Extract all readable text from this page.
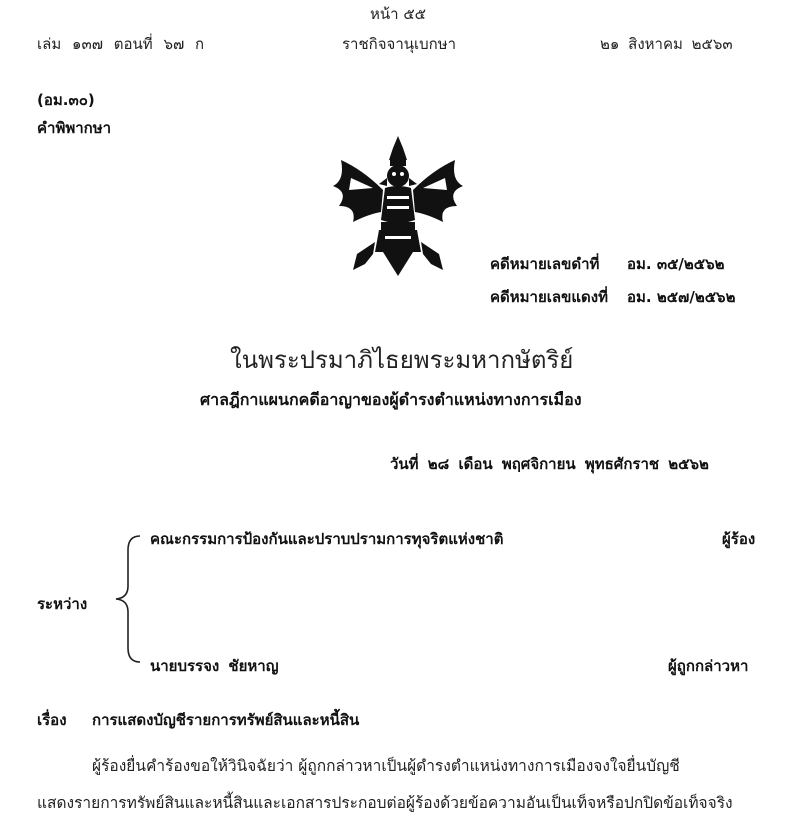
หน้า ๕๕
เล่ม ๑๓๗ ตอนที่ ๖๗ ก	ราชกิจจานุเบกษา	๒๑ สิงหาคม ๒๕๖๓
(อม.๓๐)
คำพิพากษา
คดีหมายเลขดำที่ อม. ๓๕/๒๕๖๒
คดีหมายเลขแดงที่ อม. ๒๕๗/๒๕๖๒
ในพระปรมาภิไธยพระมหากษัตริย์
ศาลฎีกาแผนกคดีอาญาของผู้ดำรงตำแหน่งทางการเมือง
วันที่ ๒๘ เดือน พฤศจิกายน พุทธศักราช ๒๕๖๒
คณะกรรมการป้องกันและปราบปรามการทุจริตแห่งชาติ	ผู้ร้อง
ระหว่าง
นายบรรจง ชัยหาญ	ผู้ถูกกล่าวหา
เรื่อง การแสดงบัญชีรายการทรัพย์สินและหนี้สิน
ผู้ร้องยื่นคำร้องขอให้วินิจฉัยว่า ผู้ถูกกล่าวหาเป็นผู้ดำรงตำแหน่งทางการเมืองจงใจยื่นบัญชี
แสดงรายการทรัพย์สินและหนี้สินและเอกสารประกอบต่อผู้ร้องด้วยข้อความอันเป็นเท็จหรือปกปิดข้อเท็จจริง
